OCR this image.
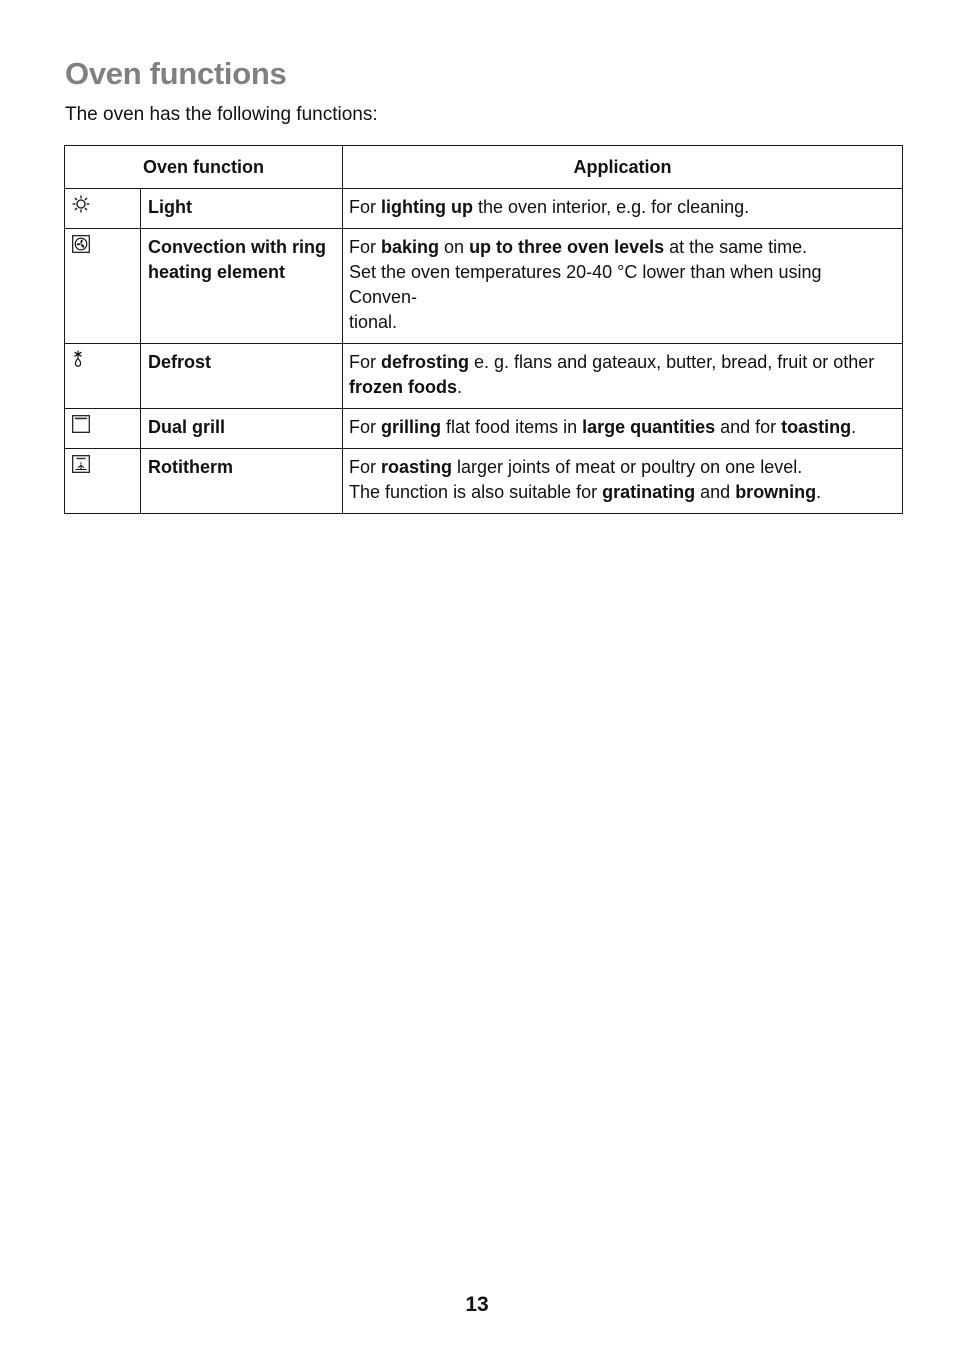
Oven functions

The oven has the following functions:

Oven function		Application

	Light	For lighting up the oven interior, e.g. for cleaning.

	Convection with ring heating element	For baking on up to three oven levels at the same time.
Set the oven temperatures 20-40 °C lower than when using Conven-
tional.

	Defrost	For defrosting e. g. flans and gateaux, butter, bread, fruit or other
frozen foods.

	Dual grill	For grilling flat food items in large quantities and for toasting.

	Rotitherm	For roasting larger joints of meat or poultry on one level.
The function is also suitable for gratinating and browning.
13
